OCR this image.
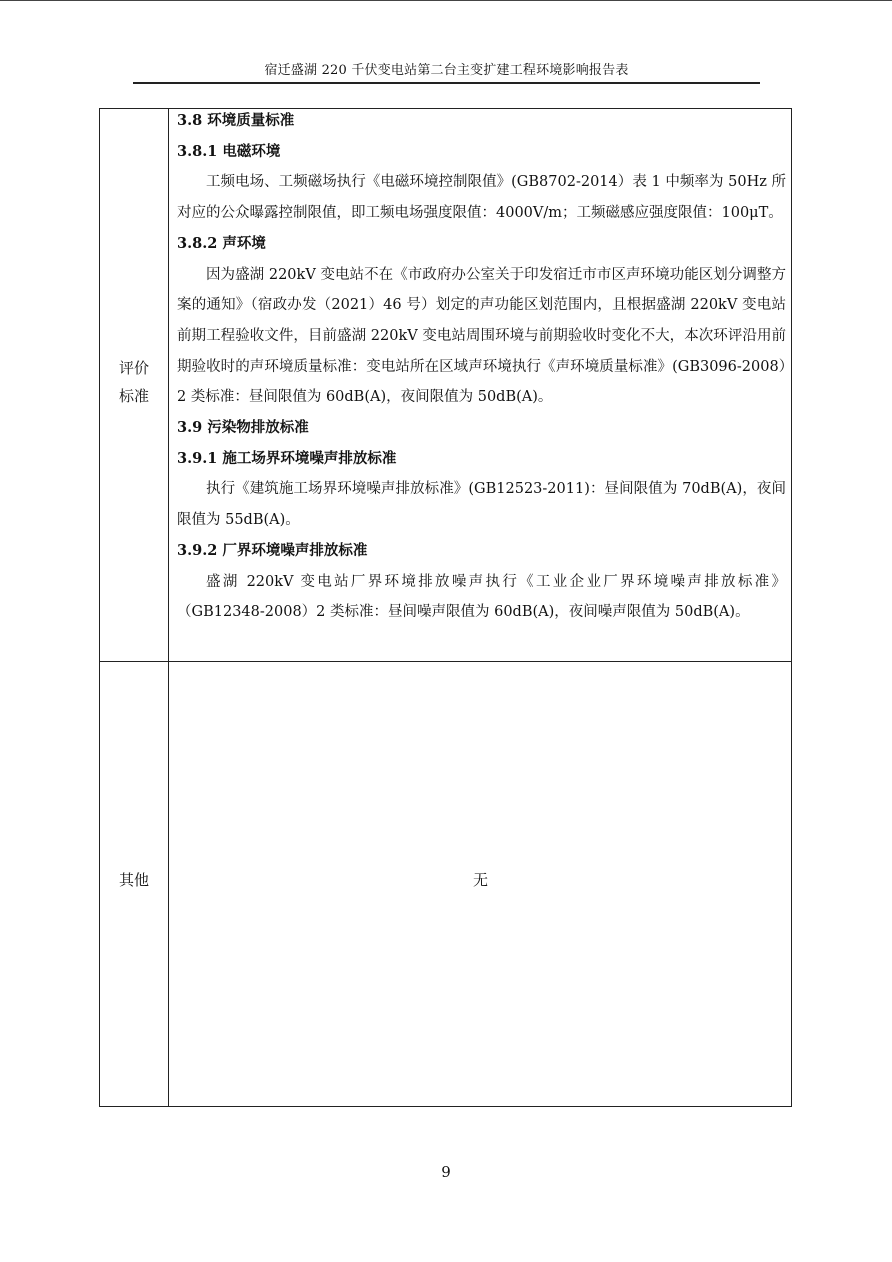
宿迁盛湖 220 千伏变电站第二台主变扩建工程环境影响报告表
评价
标准

3.8 环境质量标准

3.8.1 电磁环境

工频电场、工频磁场执行《电磁环境控制限值》(GB8702-2014）表 1 中频率为 50Hz 所对应的公众曝露控制限值，即工频电场强度限值：4000V/m；工频磁感应强度限值：100μT。

3.8.2 声环境

因为盛湖 220kV 变电站不在《市政府办公室关于印发宿迁市市区声环境功能区划分调整方案的通知》（宿政办发（2021）46 号）划定的声功能区划范围内，且根据盛湖 220kV 变电站前期工程验收文件，目前盛湖 220kV 变电站周围环境与前期验收时变化不大，本次环评沿用前期验收时的声环境质量标准：变电站所在区域声环境执行《声环境质量标准》(GB3096-2008）2 类标准：昼间限值为 60dB(A)，夜间限值为 50dB(A)。

3.9 污染物排放标准

3.9.1 施工场界环境噪声排放标准

执行《建筑施工场界环境噪声排放标准》(GB12523-2011)：昼间限值为 70dB(A)，夜间限值为 55dB(A)。

3.9.2 厂界环境噪声排放标准

盛湖 220kV 变电站厂界环境排放噪声执行《工业企业厂界环境噪声排放标准》（GB12348-2008）2 类标准：昼间噪声限值为 60dB(A)，夜间噪声限值为 50dB(A)。

其他	无
9
